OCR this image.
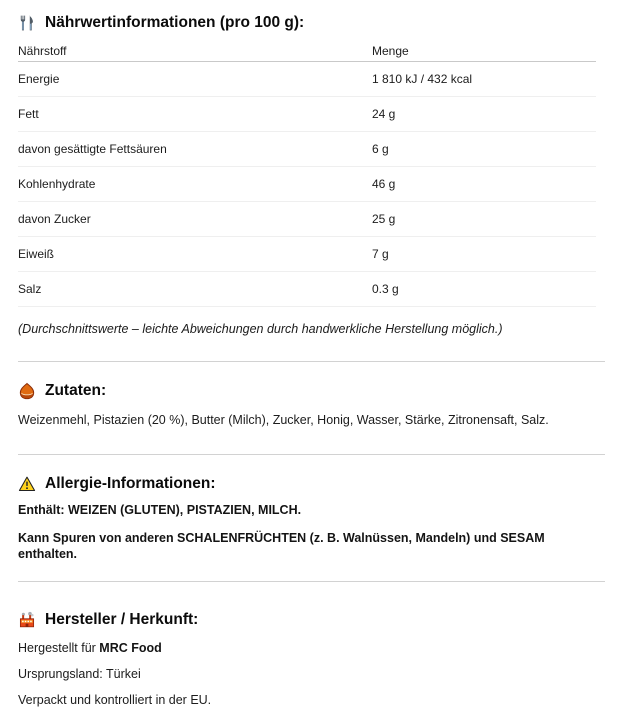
Nährwertinformationen (pro 100 g):
Nährstoff	Menge
Energie	1 810 kJ / 432 kcal
Fett	24 g
davon gesättigte Fettsäuren	6 g
Kohlenhydrate	46 g
davon Zucker	25 g
Eiweiß	7 g
Salz	0.3 g
(Durchschnittswerte – leichte Abweichungen durch handwerkliche Herstellung möglich.)
Zutaten:
Weizenmehl, Pistazien (20 %), Butter (Milch), Zucker, Honig, Wasser, Stärke, Zitronensaft, Salz.
Allergie-Informationen:
Enthält: WEIZEN (GLUTEN), PISTAZIEN, MILCH.
Kann Spuren von anderen SCHALENFRÜCHTEN (z. B. Walnüssen, Mandeln) und SESAM enthalten.
Hersteller / Herkunft:
Hergestellt für MRC Food
Ursprungsland: Türkei
Verpackt und kontrolliert in der EU.
